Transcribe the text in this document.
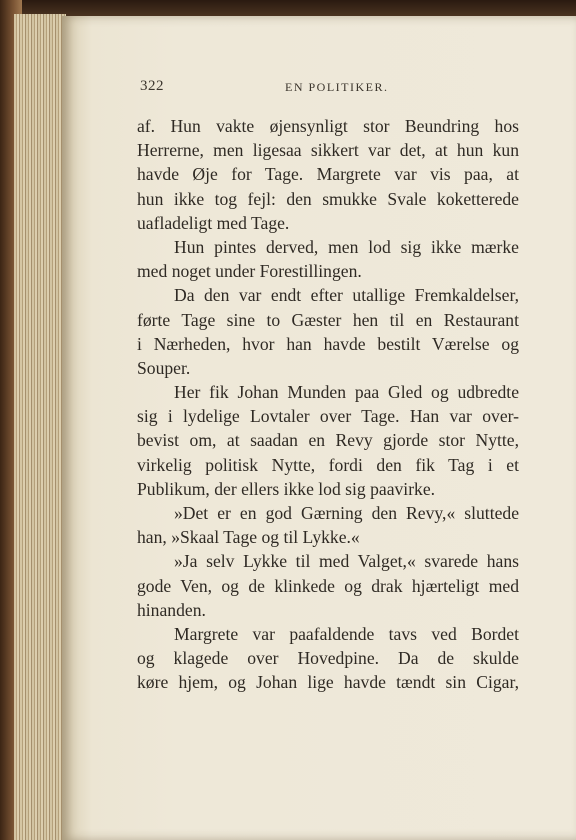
322	EN POLITIKER.
af. Hun vakte øjensynligt stor Beundring hos
Herrerne, men ligesaa sikkert var det, at hun kun
havde Øje for Tage. Margrete var vis paa, at
hun ikke tog fejl: den smukke Svale koketterede
uafladeligt med Tage.
Hun pintes derved, men lod sig ikke mærke
med noget under Forestillingen.
Da den var endt efter utallige Fremkaldelser,
førte Tage sine to Gæster hen til en Restaurant
i Nærheden, hvor han havde bestilt Værelse og
Souper.
Her fik Johan Munden paa Gled og udbredte
sig i lydelige Lovtaler over Tage. Han var over-
bevist om, at saadan en Revy gjorde stor Nytte,
virkelig politisk Nytte, fordi den fik Tag i et
Publikum, der ellers ikke lod sig paavirke.
»Det er en god Gærning den Revy,« sluttede
han, »Skaal Tage og til Lykke.«
»Ja selv Lykke til med Valget,« svarede hans
gode Ven, og de klinkede og drak hjærteligt med
hinanden.
Margrete var paafaldende tavs ved Bordet
og klagede over Hovedpine. Da de skulde
køre hjem, og Johan lige havde tændt sin Cigar,
